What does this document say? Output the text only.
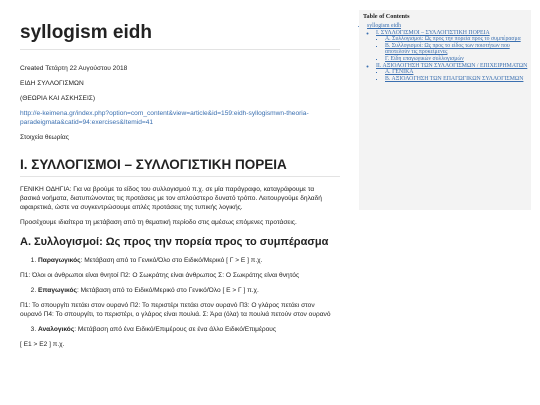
syllogism eidh

Created Τετάρτη 22 Αυγούστου 2018

ΕΙΔΗ ΣΥΛΛΟΓΙΣΜΩΝ

(ΘΕΩΡΙΑ ΚΑΙ ΑΣΚΗΣΕΙΣ)

http://e-keimena.gr/index.php?option=com_content&view=article&id=159:eidh-syllogismwn-theoria-
paradeigmata&catid=94:exercises&Itemid=41

Στοιχεία θεωρίας

Ι. ΣΥΛΛΟΓΙΣΜΟΙ – ΣΥΛΛΟΓΙΣΤΙΚΗ ΠΟΡΕΙΑ

ΓΕΝΙΚΗ ΟΔΗΓΙΑ: Για να βρούμε το είδος του συλλογισμού π.χ. σε μία παράγραφο, καταγράφουμε τα
βασικά νοήματα, διατυπώνοντας τις προτάσεις με τον απλούστερο δυνατό τρόπο. Λειτουργούμε δηλαδή
αφαιρετικά, ώστε να συγκεντρώσουμε απλές προτάσεις της τυπικής λογικής.

Προσέχουμε ιδιαίτερα τη μετάβαση από τη θεματική περίοδο στις αμέσως επόμενες προτάσεις.

Α. Συλλογισμοί: Ως προς την πορεία προς το συμπέρασμα
1. Παραγωγικός: Μετάβαση από το Γενικό/Όλο στο Ειδικό/Μερικό [ Γ > Ε ] π.χ.

Π1: Όλοι οι άνθρωποι είναι θνητοί Π2: Ο Σωκράτης είναι άνθρωπος Σ: Ο Σωκράτης είναι θνητός

2. Επαγωγικός: Μετάβαση από το Ειδικό/Μερικό στο Γενικό/Όλο [ Ε > Γ ] π.χ.

Π1: Το σπουργίτι πετάει στον ουρανό Π2: Το περιστέρι πετάει στον ουρανό Π3: Ο γλάρος πετάει στον
ουρανό Π4: Το σπουργίτι, το περιστέρι, ο γλάρος είναι πουλιά. Σ: Άρα (όλα) τα πουλιά πετούν στον ουρανό

3. Αναλογικός: Μετάβαση από ένα Ειδικό/Επιμέρους σε ένα άλλο Ειδικό/Επιμέρους

[ Ε1 > Ε2 ] π.χ.

Table of Contents
• syllogism eidh
◦ Ι. ΣΥΛΛΟΓΙΣΜΟΙ – ΣΥΛΛΟΓΙΣΤΙΚΗ ΠΟΡΕΙΑ
▪ Α. Συλλογισμοί: Ως προς την πορεία προς το συμπέρασμα
▪ Β. Συλλογισμοί: Ως προς το είδος των ποιοτήτων που αποτελούν τις προκείμενες
▪ Γ. Είδη επαγωγικών συλλογισμών
◦ ΙΙ. ΑΞΙΟΛΟΓΗΣΗ ΤΩΝ ΣΥΛΛΟΓΙΣΜΩΝ / ΕΠΙΧΕΙΡΗΜΑΤΩΝ
▪ Α. ΓΕΝΙΚΑ
▪ Β. ΑΞΙΟΛΟΓΗΣΗ ΤΩΝ ΕΠΑΓΩΓΙΚΩΝ ΣΥΛΛΟΓΙΣΜΩΝ
